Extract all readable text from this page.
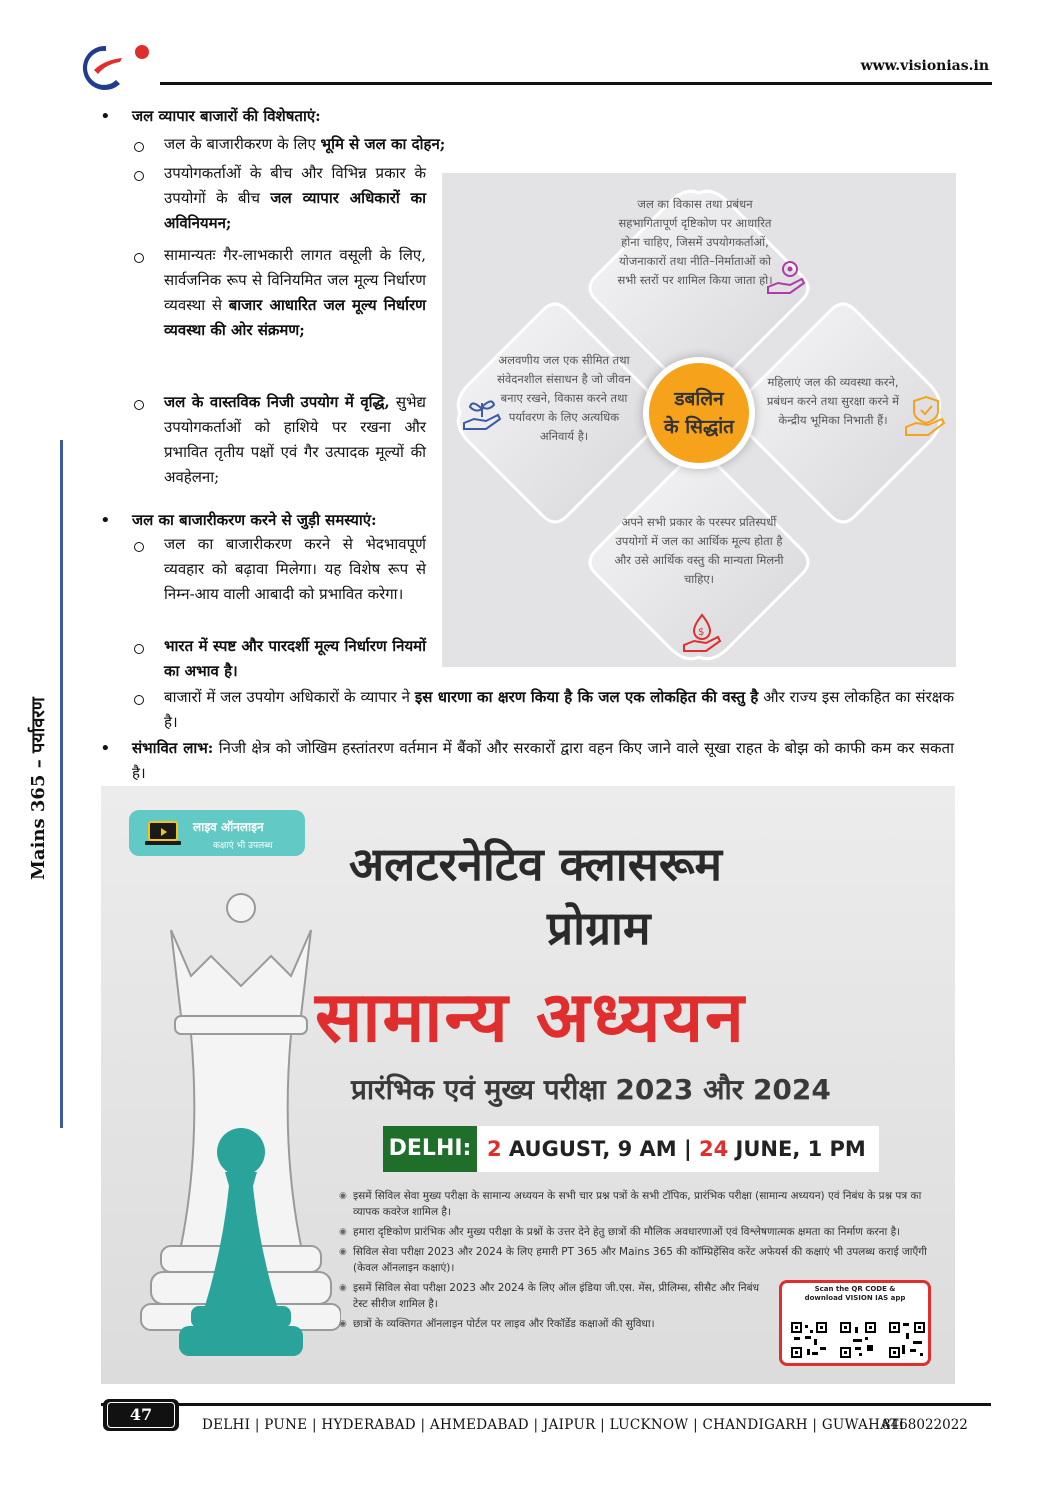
www.visionias.in
Mains 365 – पर्यावरण
• जल व्यापार बाजारों की विशेषताएं:
जल के बाजारीकरण के लिए भूमि से जल का दोहन;
उपयोगकर्ताओं के बीच और विभिन्न प्रकार के उपयोगों के बीच जल व्यापार अधिकारों का अविनियमन;
सामान्यतः गैर-लाभकारी लागत वसूली के लिए, सार्वजनिक रूप से विनियमित जल मूल्य निर्धारण व्यवस्था से बाजार आधारित जल मूल्य निर्धारण व्यवस्था की ओर संक्रमण;
जल के वास्तविक निजी उपयोग में वृद्धि, सुभेद्य उपयोगकर्ताओं को हाशिये पर रखना और प्रभावित तृतीय पक्षों एवं गैर उत्पादक मूल्यों की अवहेलना;
• जल का बाजारीकरण करने से जुड़ी समस्याएं:
जल का बाजारीकरण करने से भेदभावपूर्ण व्यवहार को बढ़ावा मिलेगा। यह विशेष रूप से निम्न-आय वाली आबादी को प्रभावित करेगा।
भारत में स्पष्ट और पारदर्शी मूल्य निर्धारण नियमों का अभाव है।
बाजारों में जल उपयोग अधिकारों के व्यापार ने इस धारणा का क्षरण किया है कि जल एक लोकहित की वस्तु है और राज्य इस लोकहित का संरक्षक है।
• संभावित लाभ: निजी क्षेत्र को जोखिम हस्तांतरण वर्तमान में बैंकों और सरकारों द्वारा वहन किए जाने वाले सूखा राहत के बोझ को काफी कम कर सकता है।
जल का विकास तथा प्रबंधन सहभागितापूर्ण दृष्टिकोण पर आधारित होना चाहिए, जिसमें उपयोगकर्ताओं, योजनाकारों तथा नीति–निर्माताओं को सभी स्तरों पर शामिल किया जाता हो।
अलवणीय जल एक सीमित तथा संवेदनशील संसाधन है जो जीवन बनाए रखने, विकास करने तथा पर्यावरण के लिए अत्यधिक अनिवार्य है।
महिलाएं जल की व्यवस्था करने, प्रबंधन करने तथा सुरक्षा करने में केन्द्रीय भूमिका निभाती हैं।
अपने सभी प्रकार के परस्पर प्रतिस्पर्धी उपयोगों में जल का आर्थिक मूल्य होता है और उसे आर्थिक वस्तु की मान्यता मिलनी चाहिए।
डबलिन
के सिद्धांत
$
लाइव ऑनलाइन
कक्षाएं भी उपलब्ध अलटरनेटिव क्लासरूम
प्रोग्राम
सामान्य अध्ययन
प्रारंभिक एवं मुख्य परीक्षा 2023 और 2024
DELHI: 2 AUGUST, 9 AM | 24 JUNE, 1 PM
◉ इसमें सिविल सेवा मुख्य परीक्षा के सामान्य अध्ययन के सभी चार प्रश्न पत्रों के सभी टॉपिक, प्रारंभिक परीक्षा (सामान्य अध्ययन) एवं निबंध के प्रश्न पत्र का व्यापक कवरेज शामिल है।
◉ हमारा दृष्टिकोण प्रारंभिक और मुख्य परीक्षा के प्रश्नों के उत्तर देने हेतु छात्रों की मौलिक अवधारणाओं एवं विश्लेषणात्मक क्षमता का निर्माण करना है।
◉ सिविल सेवा परीक्षा 2023 और 2024 के लिए हमारी PT 365 और Mains 365 की कॉम्प्रिहेंसिव करेंट अफेयर्स की कक्षाएं भी उपलब्ध कराई जाएँगी (केवल ऑनलाइन कक्षाएं)।
◉ इसमें सिविल सेवा परीक्षा 2023 और 2024 के लिए ऑल इंडिया जी.एस. मेंस, प्रीलिम्स, सीसैट और निबंध टेस्ट सीरीज शामिल है।
◉ छात्रों के व्यक्तिगत ऑनलाइन पोर्टल पर लाइव और रिकॉर्डेड कक्षाओं की सुविधा।
Scan the QR CODE &
download VISION IAS app
47
DELHI | PUNE | HYDERABAD | AHMEDABAD | JAIPUR | LUCKNOW | CHANDIGARH | GUWAHATI
8468022022
